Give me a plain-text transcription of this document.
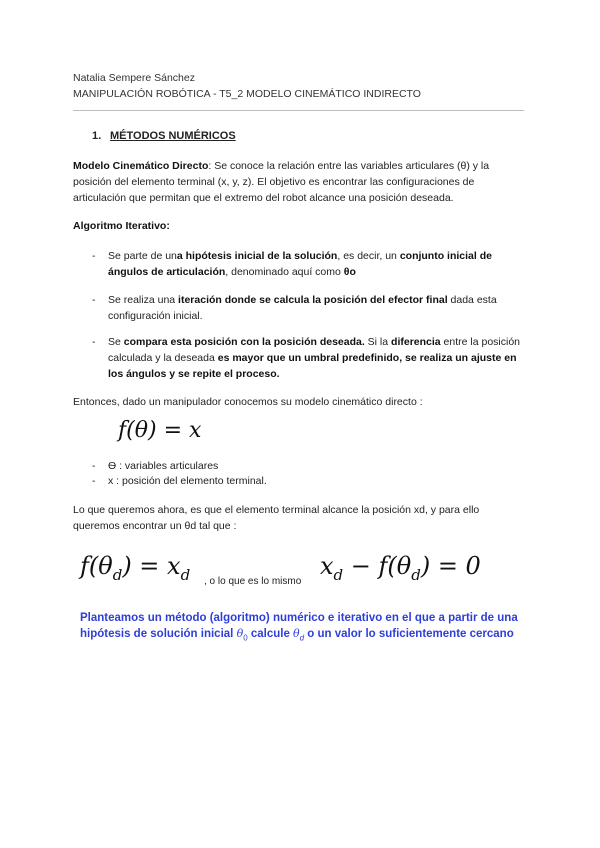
Natalia Sempere Sánchez
MANIPULACIÓN ROBÓTICA - T5_2 MODELO CINEMÁTICO INDIRECTO
1. MÉTODOS NUMÉRICOS
Modelo Cinemático Directo: Se conoce la relación entre las variables articulares (θ) y la posición del elemento terminal (x, y, z). El objetivo es encontrar las configuraciones de articulación que permitan que el extremo del robot alcance una posición deseada.
Algoritmo Iterativo:
- Se parte de una hipótesis inicial de la solución, es decir, un conjunto inicial de ángulos de articulación, denominado aquí como θo
- Se realiza una iteración donde se calcula la posición del efector final dada esta configuración inicial.
- Se compara esta posición con la posición deseada. Si la diferencia entre la posición calculada y la deseada es mayor que un umbral predefinido, se realiza un ajuste en los ángulos y se repite el proceso.
Entonces, dado un manipulador conocemos su modelo cinemático directo :
f(θ) = x
- Ѳ : variables articulares
- x : posición del elemento terminal.
Lo que queremos ahora, es que el elemento terminal alcance la posición xd, y para ello queremos encontrar un θd tal que :
$f(\theta_d) = x_d$ , o lo que es lo mismo
$x_d - f(\theta_d) = 0$
Planteamos un método (algoritmo) numérico e iterativo en el que a partir de una
hipótesis de solución inicial $\theta_0$ calcule $\theta_d$ o un valor lo suficientemente cercano
